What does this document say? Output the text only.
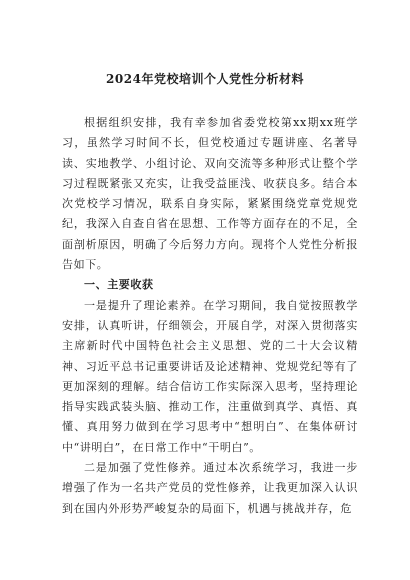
2024年党校培训个人党性分析材料

根据组织安排，我有幸参加省委党校第xx期xx班学习，虽然学习时间不长，但党校通过专题讲座、名著导读、实地教学、小组讨论、双向交流等多种形式让整个学习过程既紧张又充实，让我受益匪浅、收获良多。结合本次党校学习情况，联系自身实际，紧紧围绕党章党规党纪，我深入自查自省在思想、工作等方面存在的不足，全面剖析原因，明确了今后努力方向。现将个人党性分析报告如下。

一、主要收获

一是提升了理论素养。在学习期间，我自觉按照教学安排，认真听讲，仔细领会，开展自学，对深入贯彻落实主席新时代中国特色社会主义思想、党的二十大会议精神、习近平总书记重要讲话及论述精神、党规党纪等有了更加深刻的理解。结合信访工作实际深入思考，坚持理论指导实践武装头脑、推动工作，注重做到真学、真悟、真懂、真用努力做到在学习思考中“想明白”、在集体研讨中“讲明白”，在日常工作中“干明白”。

二是加强了党性修养。通过本次系统学习，我进一步增强了作为一名共产党员的党性修养，让我更加深入认识到在国内外形势严峻复杂的局面下，机遇与挑战并存，危
